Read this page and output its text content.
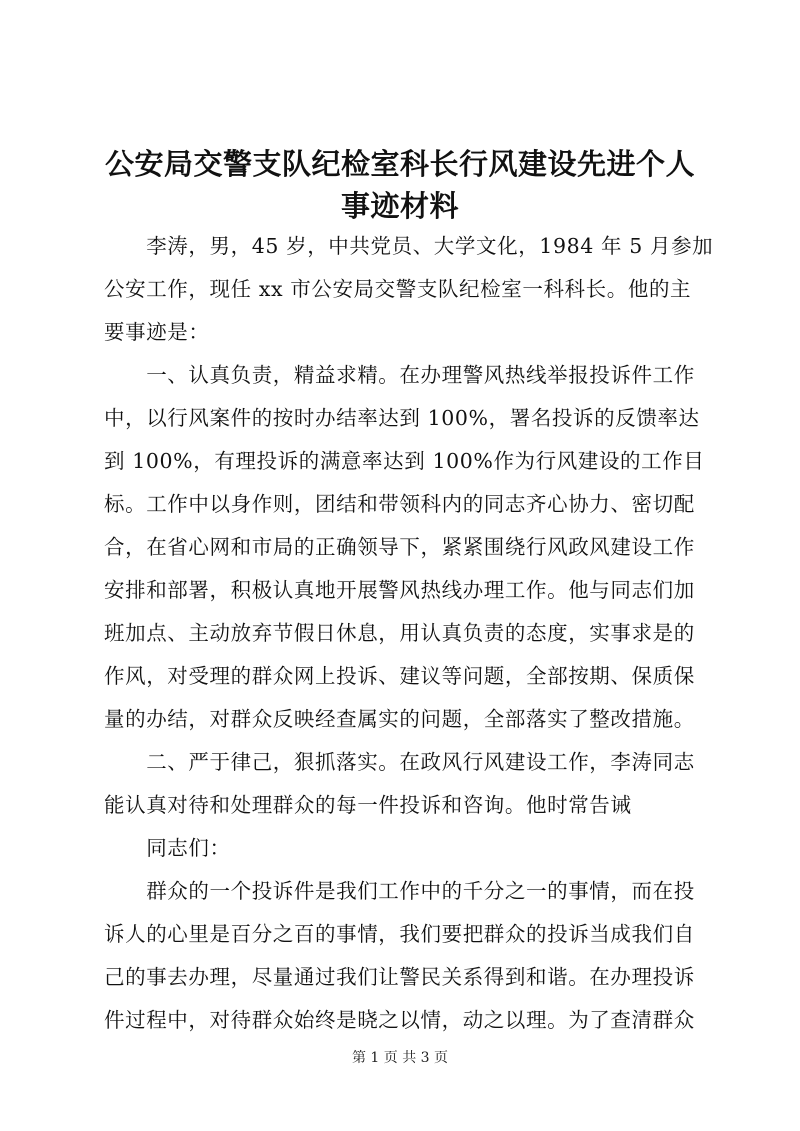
公安局交警支队纪检室科长行风建设先进个人
事迹材料
　　李涛，男，45 岁，中共党员、大学文化，1984 年 5 月参加
公安工作，现任 xx 市公安局交警支队纪检室一科科长。他的主
要事迹是：
　　一、认真负责，精益求精。在办理警风热线举报投诉件工作
中，以行风案件的按时办结率达到 100%，署名投诉的反馈率达
到 100%，有理投诉的满意率达到 100%作为行风建设的工作目
标。工作中以身作则，团结和带领科内的同志齐心协力、密切配
合，在省心网和市局的正确领导下，紧紧围绕行风政风建设工作
安排和部署，积极认真地开展警风热线办理工作。他与同志们加
班加点、主动放弃节假日休息，用认真负责的态度，实事求是的
作风，对受理的群众网上投诉、建议等问题，全部按期、保质保
量的办结，对群众反映经查属实的问题，全部落实了整改措施。
　　二、严于律己，狠抓落实。在政风行风建设工作，李涛同志
能认真对待和处理群众的每一件投诉和咨询。他时常告诫
　　同志们：
　　群众的一个投诉件是我们工作中的千分之一的事情，而在投
诉人的心里是百分之百的事情，我们要把群众的投诉当成我们自
己的事去办理，尽量通过我们让警民关系得到和谐。在办理投诉
件过程中，对待群众始终是晓之以情，动之以理。为了查清群众
第 1 页 共 3 页
